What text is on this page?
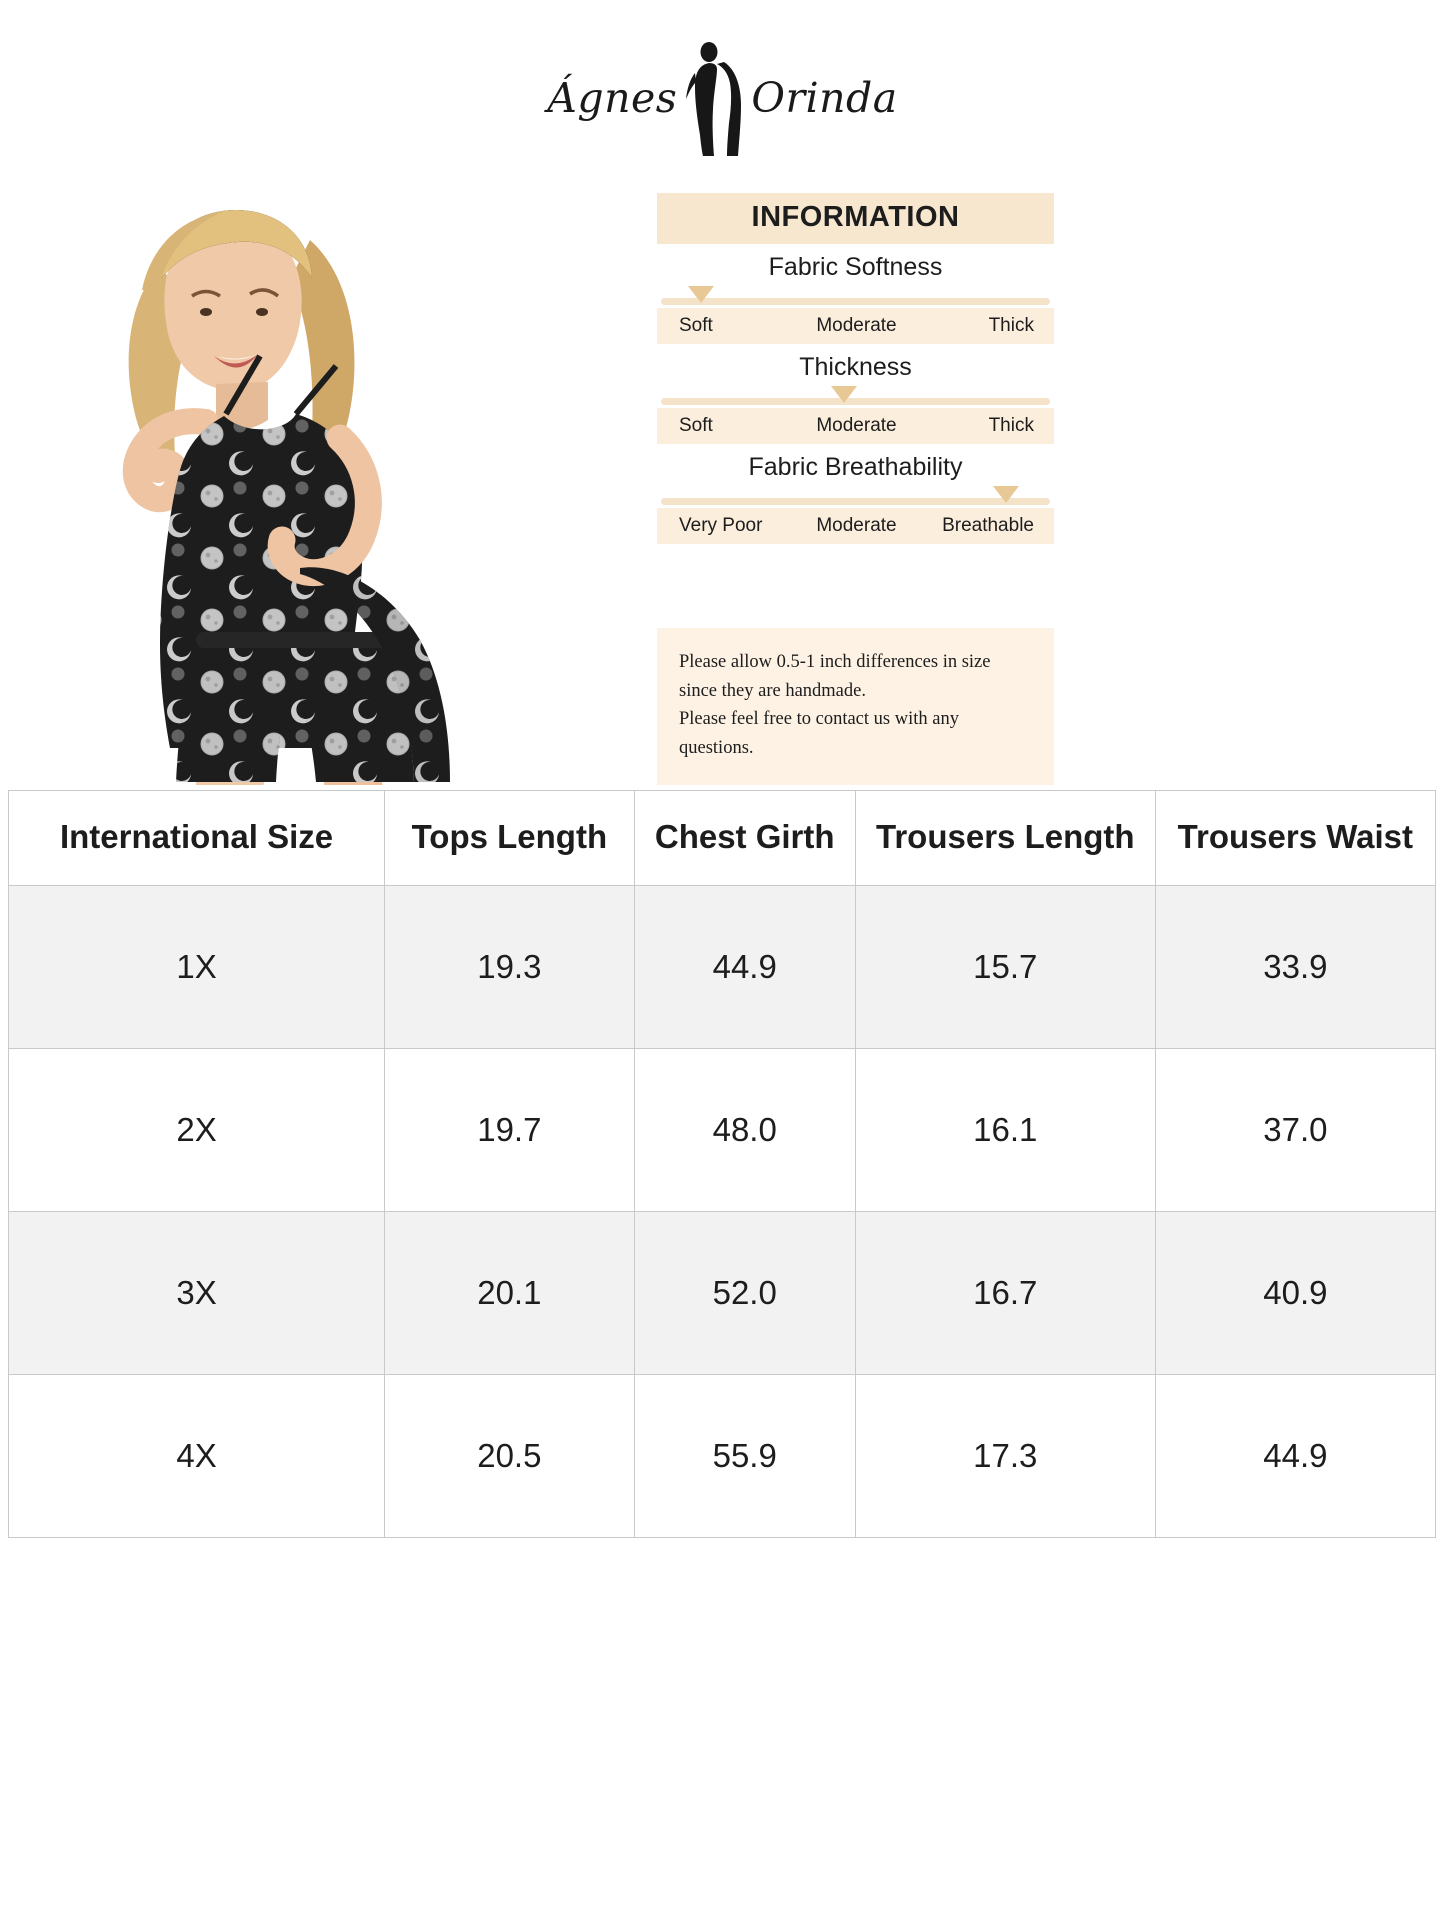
Ágnes Orinda
INFORMATION
Fabric Softness
Soft	Moderate	Thick
Thickness
Soft	Moderate	Thick
Fabric Breathability
Very Poor	Moderate	Breathable

Please allow 0.5-1 inch differences in size

since they are handmade.

Please feel free to contact us with any questions.

International Size	Tops Length	Chest Girth	Trousers Length	Trousers Waist
1X	19.3	44.9	15.7	33.9
2X	19.7	48.0	16.1	37.0
3X	20.1	52.0	16.7	40.9
4X	20.5	55.9	17.3	44.9
